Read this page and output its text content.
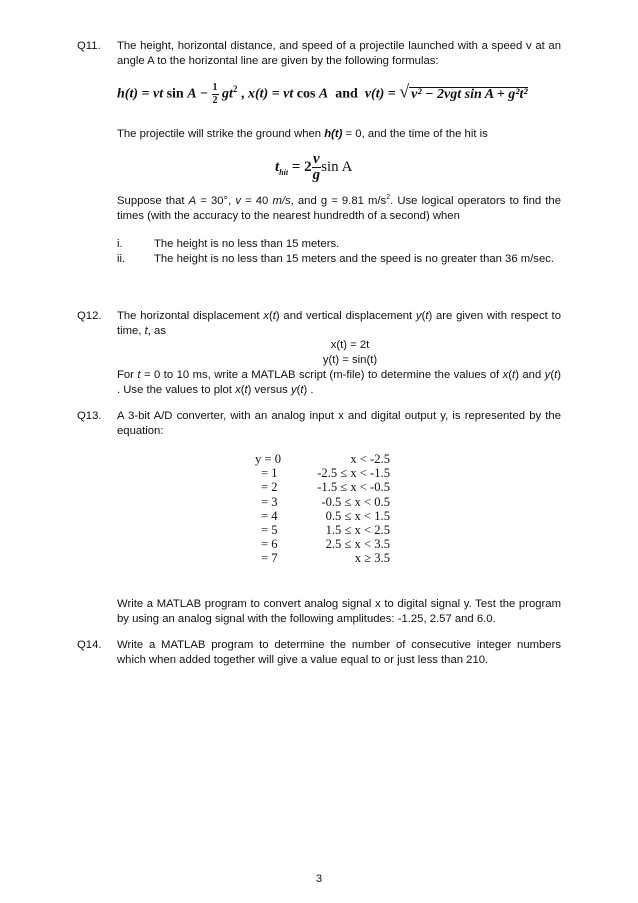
Q11.	The height, horizontal distance, and speed of a projectile launched with a speed v at an angle A to the horizontal line are given by the following formulas:

h(t) = vt $\sin A - \frac{1}{2} gt^2$ , x(t) = vt cos A and v(t) = √ v² − 2vgt sin A + g²t²

The projectile will strike the ground when h(t) = 0, and the time of the hit is

$t_{hit} = 2 \frac{v}{g}$ sin A

Suppose that A = 30°, v = 40 m/s, and g = 9.81 $m/s^2$. Use logical operators to find the times (with the accuracy to the nearest hundredth of a second) when

i.	The height is no less than 15 meters.
ii.	The height is no less than 15 meters and the speed is no greater than 36 m/sec.
Q12.	The horizontal displacement x(t) and vertical displacement y(t) are given with respect to time, t, as

x(t) = 2t
y(t) = sin(t)

For t = 0 to 10 ms, write a MATLAB script (m-file) to determine the values of x(t) and y(t) . Use the values to plot x(t) versus y(t) .

Q13.	A 3-bit A/D converter, with an analog input x and digital output y, is represented by the equation:

y = 0	x < -2.5
= 1	-2.5 ≤ x < -1.5
= 2	-1.5 ≤ x < -0.5
= 3	-0.5 ≤ x < 0.5
= 4	0.5 ≤ x < 1.5
= 5	1.5 ≤ x < 2.5
= 6	2.5 ≤ x < 3.5
= 7	x ≥ 3.5

Write a MATLAB program to convert analog signal x to digital signal y. Test the program by using an analog signal with the following amplitudes: -1.25, 2.57 and 6.0.

Q14.	Write a MATLAB program to determine the number of consecutive integer numbers which when added together will give a value equal to or just less than 210.

3
